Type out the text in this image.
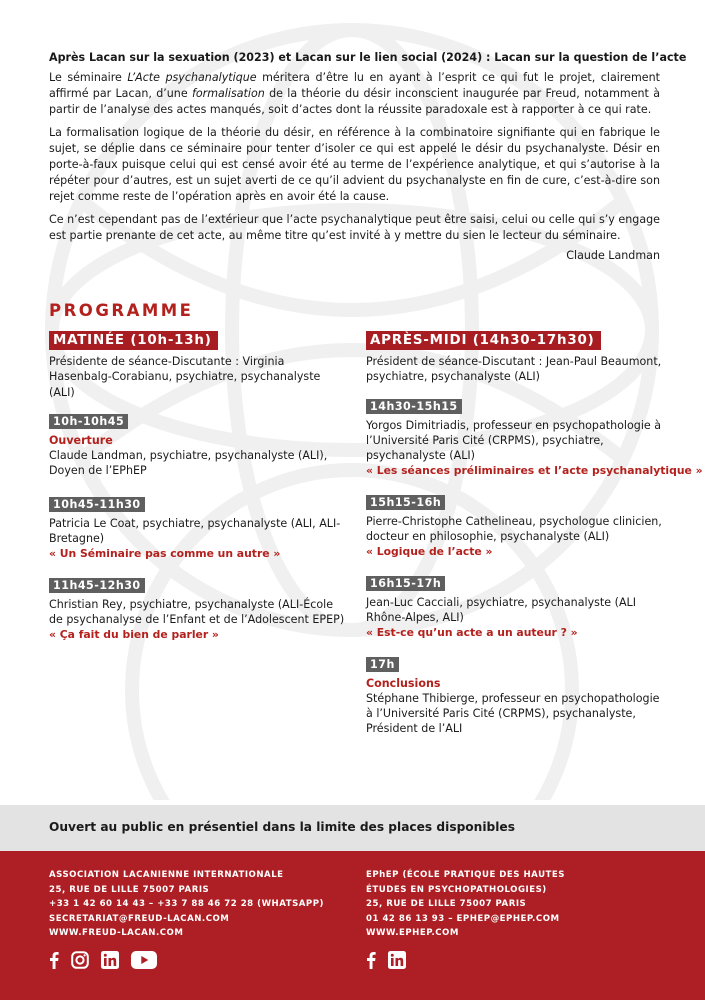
Après Lacan sur la sexuation (2023) et Lacan sur le lien social (2024) : Lacan sur la question de l’acte

Le séminaire L’Acte psychanalytique méritera d’être lu en ayant à l’esprit ce qui fut le projet, clairement affirmé par Lacan, d’une formalisation de la théorie du désir inconscient inaugurée par Freud, notamment à partir de l’analyse des actes manqués, soit d’actes dont la réussite paradoxale est à rapporter à ce qui rate.

La formalisation logique de la théorie du désir, en référence à la combinatoire signifiante qui en fabrique le sujet, se déplie dans ce séminaire pour tenter d’isoler ce qui est appelé le désir du psychanalyste. Désir en porte-à-faux puisque celui qui est censé avoir été au terme de l’expérience analytique, et qui s’autorise à la répéter pour d’autres, est un sujet averti de ce qu’il advient du psychanalyste en fin de cure, c’est-à-dire son rejet comme reste de l’opération après en avoir été la cause.

Ce n’est cependant pas de l’extérieur que l’acte psychanalytique peut être saisi, celui ou celle qui s’y engage est partie prenante de cet acte, au même titre qu’est invité à y mettre du sien le lecteur du séminaire.

Claude Landman

PROGRAMME
MATINÉE (10h-13h)

Présidente de séance-Discutante : Virginia Hasenbalg-Corabianu, psychiatre, psychanalyste (ALI)

10h-10h45

Ouverture

Claude Landman, psychiatre, psychanalyste (ALI), Doyen de l’EPhEP

10h45-11h30

Patricia Le Coat, psychiatre, psychanalyste (ALI, ALI-Bretagne)

« Un Séminaire pas comme un autre »

11h45-12h30

Christian Rey, psychiatre, psychanalyste (ALI-École de psychanalyse de l’Enfant et de l’Adolescent EPEP)

« Ça fait du bien de parler »

APRÈS-MIDI (14h30-17h30)

Président de séance-Discutant : Jean-Paul Beaumont, psychiatre, psychanalyste (ALI)

14h30-15h15

Yorgos Dimitriadis, professeur en psychopathologie à l’Université Paris Cité (CRPMS), psychiatre, psychanalyste (ALI)

« Les séances préliminaires et l’acte psychanalytique »

15h15-16h

Pierre-Christophe Cathelineau, psychologue clinicien, docteur en philosophie, psychanalyste (ALI)

« Logique de l’acte »

16h15-17h

Jean-Luc Cacciali, psychiatre, psychanalyste (ALI Rhône-Alpes, ALI)

« Est-ce qu’un acte a un auteur ? »

17h

Conclusions

Stéphane Thibierge, professeur en psychopathologie à l’Université Paris Cité (CRPMS), psychanalyste, Président de l’ALI

Ouvert au public en présentiel dans la limite des places disponibles
ASSOCIATION LACANIENNE INTERNATIONALE
25, RUE DE LILLE 75007 PARIS
+33 1 42 60 14 43 – +33 7 88 46 72 28 (WHATSAPP)
SECRETARIAT@FREUD-LACAN.COM
WWW.FREUD-LACAN.COM
EPhEP (ÉCOLE PRATIQUE DES HAUTES
ÉTUDES EN PSYCHOPATHOLOGIES)
25, RUE DE LILLE 75007 PARIS
01 42 86 13 93 – EPHEP@EPHEP.COM
WWW.EPHEP.COM
